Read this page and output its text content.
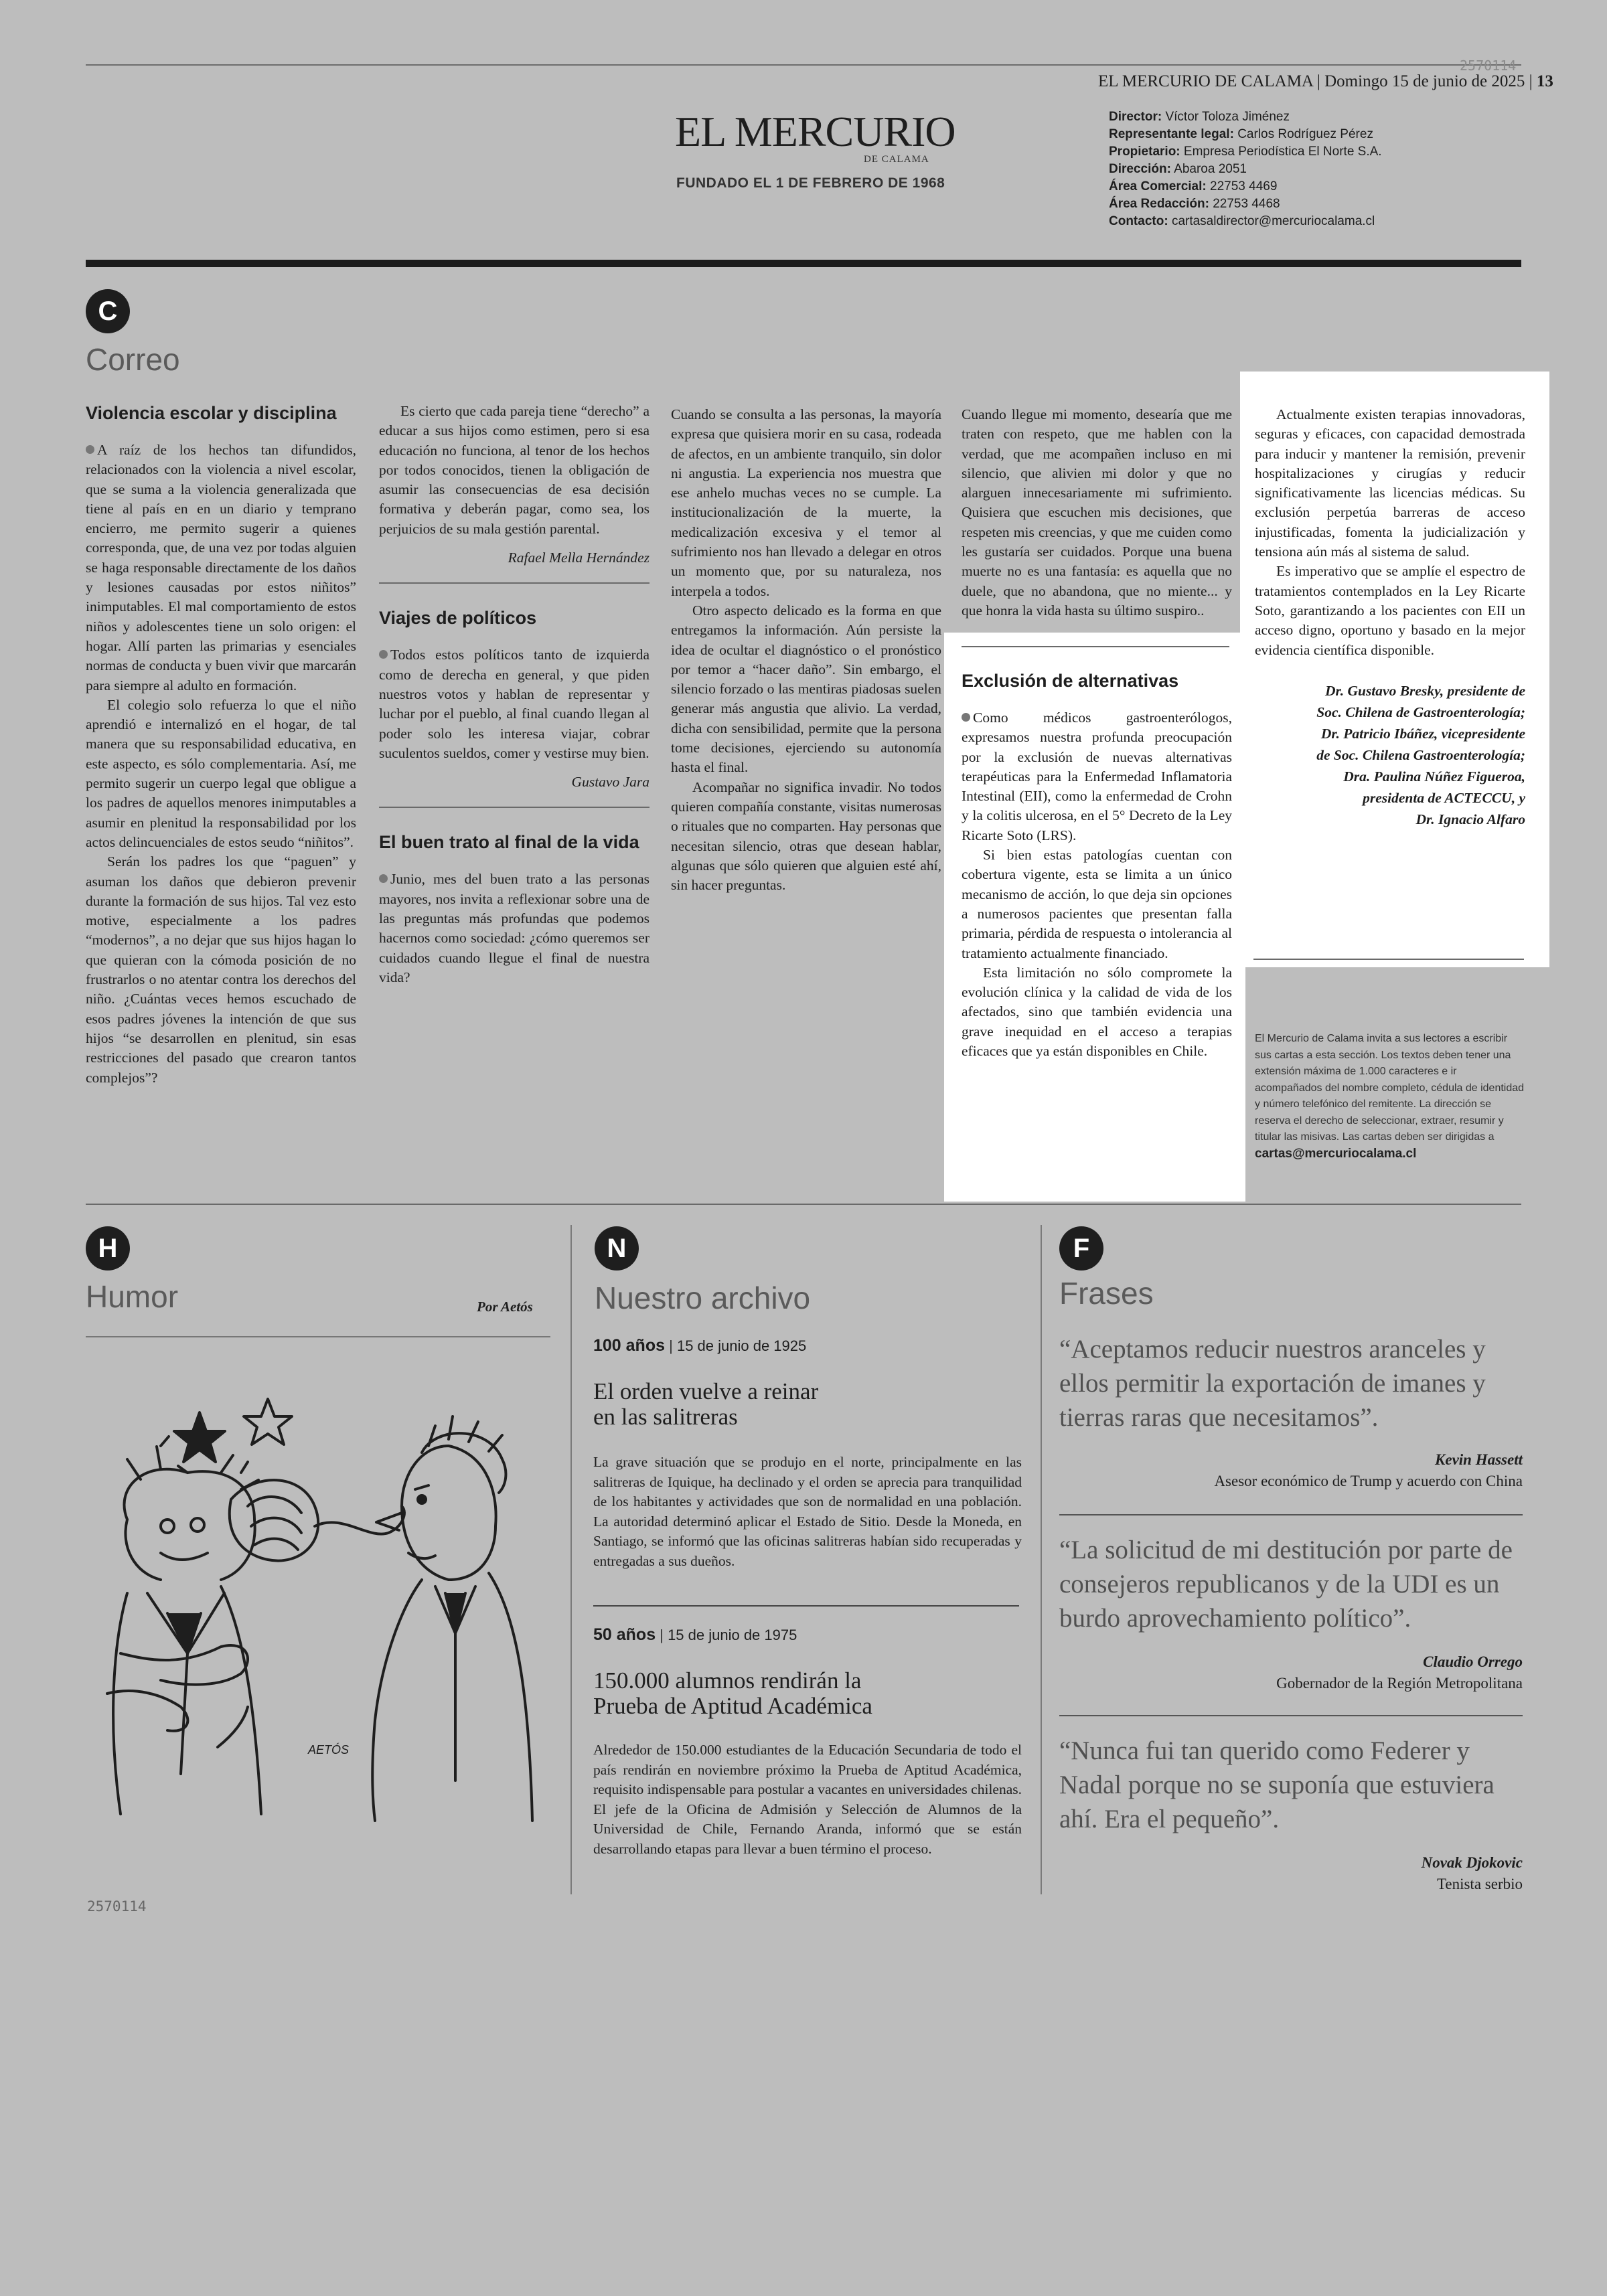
2570114
EL MERCURIO DE CALAMA | Domingo 15 de junio de 2025 | 13
EL MERCURIO
DE CALAMA
FUNDADO EL 1 DE FEBRERO DE 1968
Director: Víctor Toloza Jiménez
Representante legal: Carlos Rodríguez Pérez
Propietario: Empresa Periodística El Norte S.A.
Dirección: Abaroa 2051
Área Comercial: 22753 4469
Área Redacción: 22753 4468
Contacto: cartasaldirector@mercuriocalama.cl
C
Correo
Violencia escolar y disciplina

A raíz de los hechos tan difundidos, relacionados con la violencia a nivel escolar, que se suma a la violencia generalizada que tiene al país en en un diario y temprano encierro, me permito sugerir a quienes corresponda, que, de una vez por todas alguien se haga responsable directamente de los daños y lesiones causadas por estos niñitos” inimputables. El mal comportamiento de estos niños y adolescentes tiene un solo origen: el hogar. Allí parten las primarias y esenciales normas de conducta y buen vivir que marcarán para siempre al adulto en formación.

El colegio solo refuerza lo que el niño aprendió e internalizó en el hogar, de tal manera que su responsabilidad educativa, en este aspecto, es sólo complementaria. Así, me permito sugerir un cuerpo legal que obligue a los padres de aquellos menores inimputables a asumir en plenitud la responsabilidad por los actos delincuenciales de estos seudo “niñitos”.

Serán los padres los que “paguen” y asuman los daños que debieron prevenir durante la formación de sus hijos. Tal vez esto motive, especialmente a los padres “modernos”, a no dejar que sus hijos hagan lo que quieran con la cómoda posición de no frustrarlos o no atentar contra los derechos del niño. ¿Cuántas veces hemos escuchado de esos padres jóvenes la intención de que sus hijos “se desarrollen en plenitud, sin esas restricciones del pasado que crearon tantos complejos”?

Es cierto que cada pareja tiene “derecho” a educar a sus hijos como estimen, pero si esa educación no funciona, al tenor de los hechos por todos conocidos, tienen la obligación de asumir las consecuencias de esa decisión formativa y deberán pagar, como sea, los perjuicios de su mala gestión parental.

Rafael Mella Hernández
Viajes de políticos

Todos estos políticos tanto de izquierda como de derecha en general, y que piden nuestros votos y hablan de representar y luchar por el pueblo, al final cuando llegan al poder solo les interesa viajar, cobrar suculentos sueldos, comer y vestirse muy bien.

Gustavo Jara
El buen trato al final de la vida

Junio, mes del buen trato a las personas mayores, nos invita a reflexionar sobre una de las preguntas más profundas que podemos hacernos como sociedad: ¿cómo queremos ser cuidados cuando llegue el final de nuestra vida?

Cuando se consulta a las personas, la mayoría expresa que quisiera morir en su casa, rodeada de afectos, en un ambiente tranquilo, sin dolor ni angustia. La experiencia nos muestra que ese anhelo muchas veces no se cumple. La institucionalización de la muerte, la medicalización excesiva y el temor al sufrimiento nos han llevado a delegar en otros un momento que, por su naturaleza, nos interpela a todos.

Otro aspecto delicado es la forma en que entregamos la información. Aún persiste la idea de ocultar el diagnóstico o el pronóstico por temor a “hacer daño”. Sin embargo, el silencio forzado o las mentiras piadosas suelen generar más angustia que alivio. La verdad, dicha con sensibilidad, permite que la persona tome decisiones, ejerciendo su autonomía hasta el final.

Acompañar no significa invadir. No todos quieren compañía constante, visitas numerosas o rituales que no comparten. Hay personas que necesitan silencio, otras que desean hablar, algunas que sólo quieren que alguien esté ahí, sin hacer preguntas.

Cuando llegue mi momento, desearía que me traten con respeto, que me hablen con la verdad, que me acompañen incluso en mi silencio, que alivien mi dolor y que no alarguen innecesariamente mi sufrimiento. Quisiera que escuchen mis decisiones, que respeten mis creencias, y que me cuiden como les gustaría ser cuidados. Porque una buena muerte no es una fantasía: es aquella que no duele, que no abandona, que no miente... y que honra la vida hasta su último suspiro..

Exclusión de alternativas

Como médicos gastroenterólogos, expresamos nuestra profunda preocupación por la exclusión de nuevas alternativas terapéuticas para la Enfermedad Inflamatoria Intestinal (EII), como la enfermedad de Crohn y la colitis ulcerosa, en el 5° Decreto de la Ley Ricarte Soto (LRS).

Si bien estas patologías cuentan con cobertura vigente, esta se limita a un único mecanismo de acción, lo que deja sin opciones a numerosos pacientes que presentan falla primaria, pérdida de respuesta o intolerancia al tratamiento actualmente financiado.

Esta limitación no sólo compromete la evolución clínica y la calidad de vida de los afectados, sino que también evidencia una grave inequidad en el acceso a terapias eficaces que ya están disponibles en Chile.

Actualmente existen terapias innovadoras, seguras y eficaces, con capacidad demostrada para inducir y mantener la remisión, prevenir hospitalizaciones y cirugías y reducir significativamente las licencias médicas. Su exclusión perpetúa barreras de acceso injustificadas, fomenta la judicialización y tensiona aún más al sistema de salud.

Es imperativo que se amplíe el espectro de tratamientos contemplados en la Ley Ricarte Soto, garantizando a los pacientes con EII un acceso digno, oportuno y basado en la mejor evidencia científica disponible.

Dr. Gustavo Bresky, presidente de
Soc. Chilena de Gastroenterología;
Dr. Patricio Ibáñez, vicepresidente
de Soc. Chilena Gastroenterología;
Dra. Paulina Núñez Figueroa,
presidenta de ACTECCU, y
Dr. Ignacio Alfaro
El Mercurio de Calama invita a sus lectores a escribir sus cartas a esta sección. Los textos deben tener una extensión máxima de 1.000 caracteres e ir acompañados del nombre completo, cédula de identidad y número telefónico del remitente. La dirección se reserva el derecho de seleccionar, extraer, resumir y titular las misivas. Las cartas deben ser dirigidas a cartas@mercuriocalama.cl
H
Humor	Por Aetós
AETÓS
2570114
N
Nuestro archivo
100 años | 15 de junio de 1925
El orden vuelve a reinar en las salitreras
La grave situación que se produjo en el norte, principalmente en las salitreras de Iquique, ha declinado y el orden se aprecia para tranquilidad de los habitantes y actividades que son de normalidad en una población. La autoridad determinó aplicar el Estado de Sitio. Desde la Moneda, en Santiago, se informó que las oficinas salitreras habían sido recuperadas y entregadas a sus dueños.
50 años | 15 de junio de 1975
150.000 alumnos rendirán la Prueba de Aptitud Académica
Alrededor de 150.000 estudiantes de la Educación Secundaria de todo el país rendirán en noviembre próximo la Prueba de Aptitud Académica, requisito indispensable para postular a vacantes en universidades chilenas. El jefe de la Oficina de Admisión y Selección de Alumnos de la Universidad de Chile, Fernando Aranda, informó que se están desarrollando etapas para llevar a buen término el proceso.
F
Frases
“Aceptamos reducir nuestros aranceles y ellos permitir la exportación de imanes y tierras raras que necesitamos”.
Kevin Hassett
Asesor económico de Trump y acuerdo con China
“La solicitud de mi destitución por parte de consejeros republicanos y de la UDI es un burdo aprovechamiento político”.
Claudio Orrego
Gobernador de la Región Metropolitana
“Nunca fui tan querido como Federer y Nadal porque no se suponía que estuviera ahí. Era el pequeño”.
Novak Djokovic
Tenista serbio
